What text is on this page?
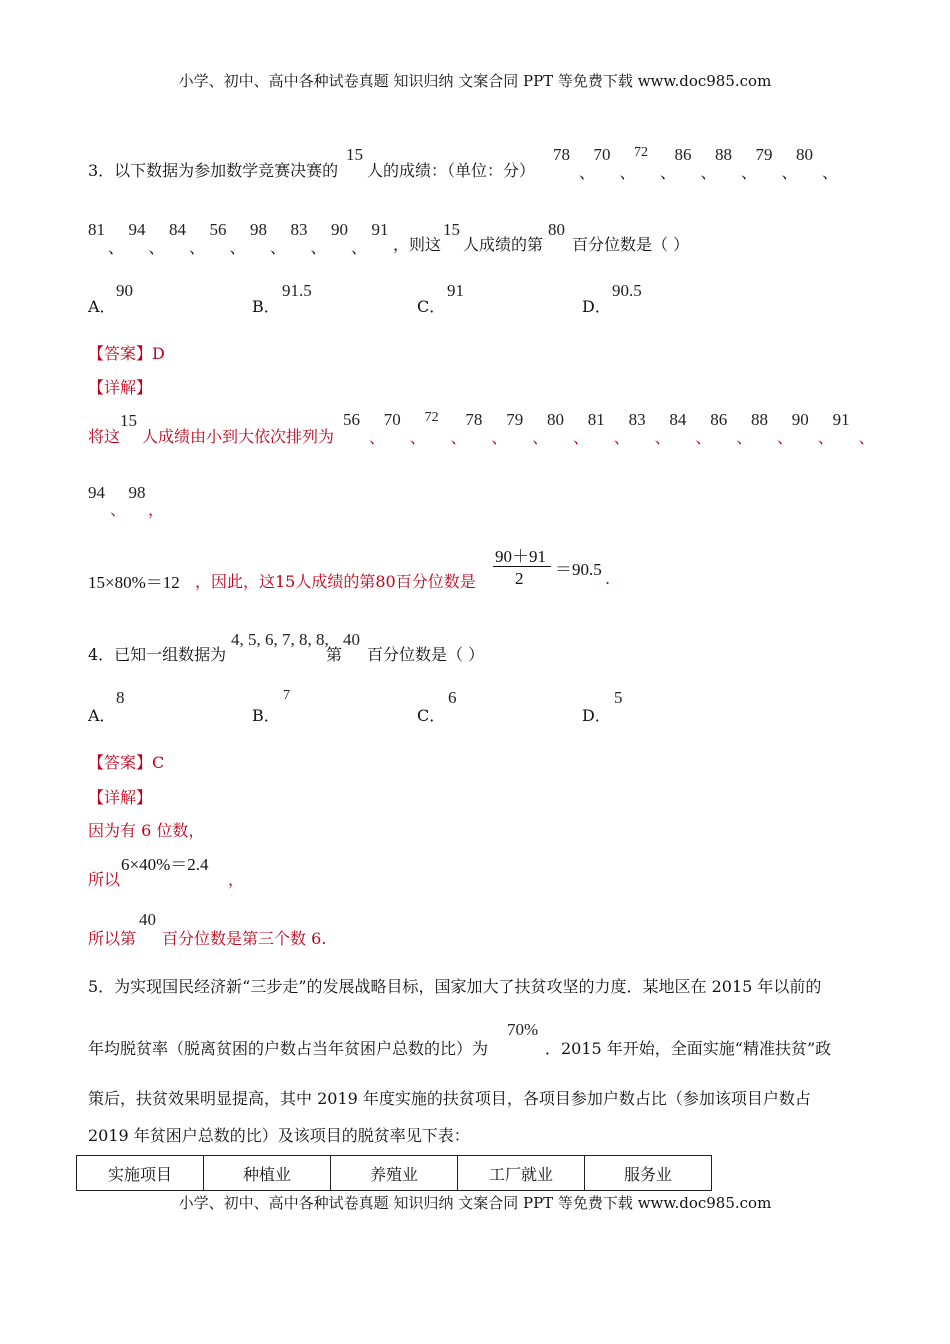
小学、初中、高中各种试卷真题 知识归纳 文案合同 PPT 等免费下载 www.doc985.com
3．以下数据为参加数学竞赛决赛的
15
人的成绩：（单位：分）
78
、
70
、
72
、
86
、
88
、
79
、
80
、
81
、
94
、
84
、
56
、
98
、
83
、
90
、
91
，则这
15
人成绩的第
80
百分位数是（ ）
A．
90
B．
91.5
C．
91
D．
90.5
【答案】D
【详解】
将这
15
人成绩由小到大依次排列为
56
、
70
、
72
、
78
、
79
、
80
、
81
、
83
、
84
、
86
、
88
、
90
、
91
、
94
、
98
，
15×80%＝12 ，因此，这15人成绩的第80百分位数是
90＋91
2 ＝90.5 .
4．已知一组数据为
4, 5, 6, 7, 8, 8,
第
40
百分位数是（ ）
A．
8
B．
7
C．
6
D．
5
【答案】C
【详解】
因为有 6 位数，
所以
6×40%＝2.4
，
所以第
40
百分位数是第三个数 6.
5．为实现国民经济新“三步走”的发展战略目标，国家加大了扶贫攻坚的力度．某地区在 2015 年以前的
年均脱贫率（脱离贫困的户数占当年贫困户总数的比）为
70%
．2015 年开始，全面实施“精准扶贫”政
策后，扶贫效果明显提高，其中 2019 年度实施的扶贫项目，各项目参加户数占比（参加该项目户数占
2019 年贫困户总数的比）及该项目的脱贫率见下表：
实施项目	种植业	养殖业	工厂就业	服务业
小学、初中、高中各种试卷真题 知识归纳 文案合同 PPT 等免费下载 www.doc985.com
